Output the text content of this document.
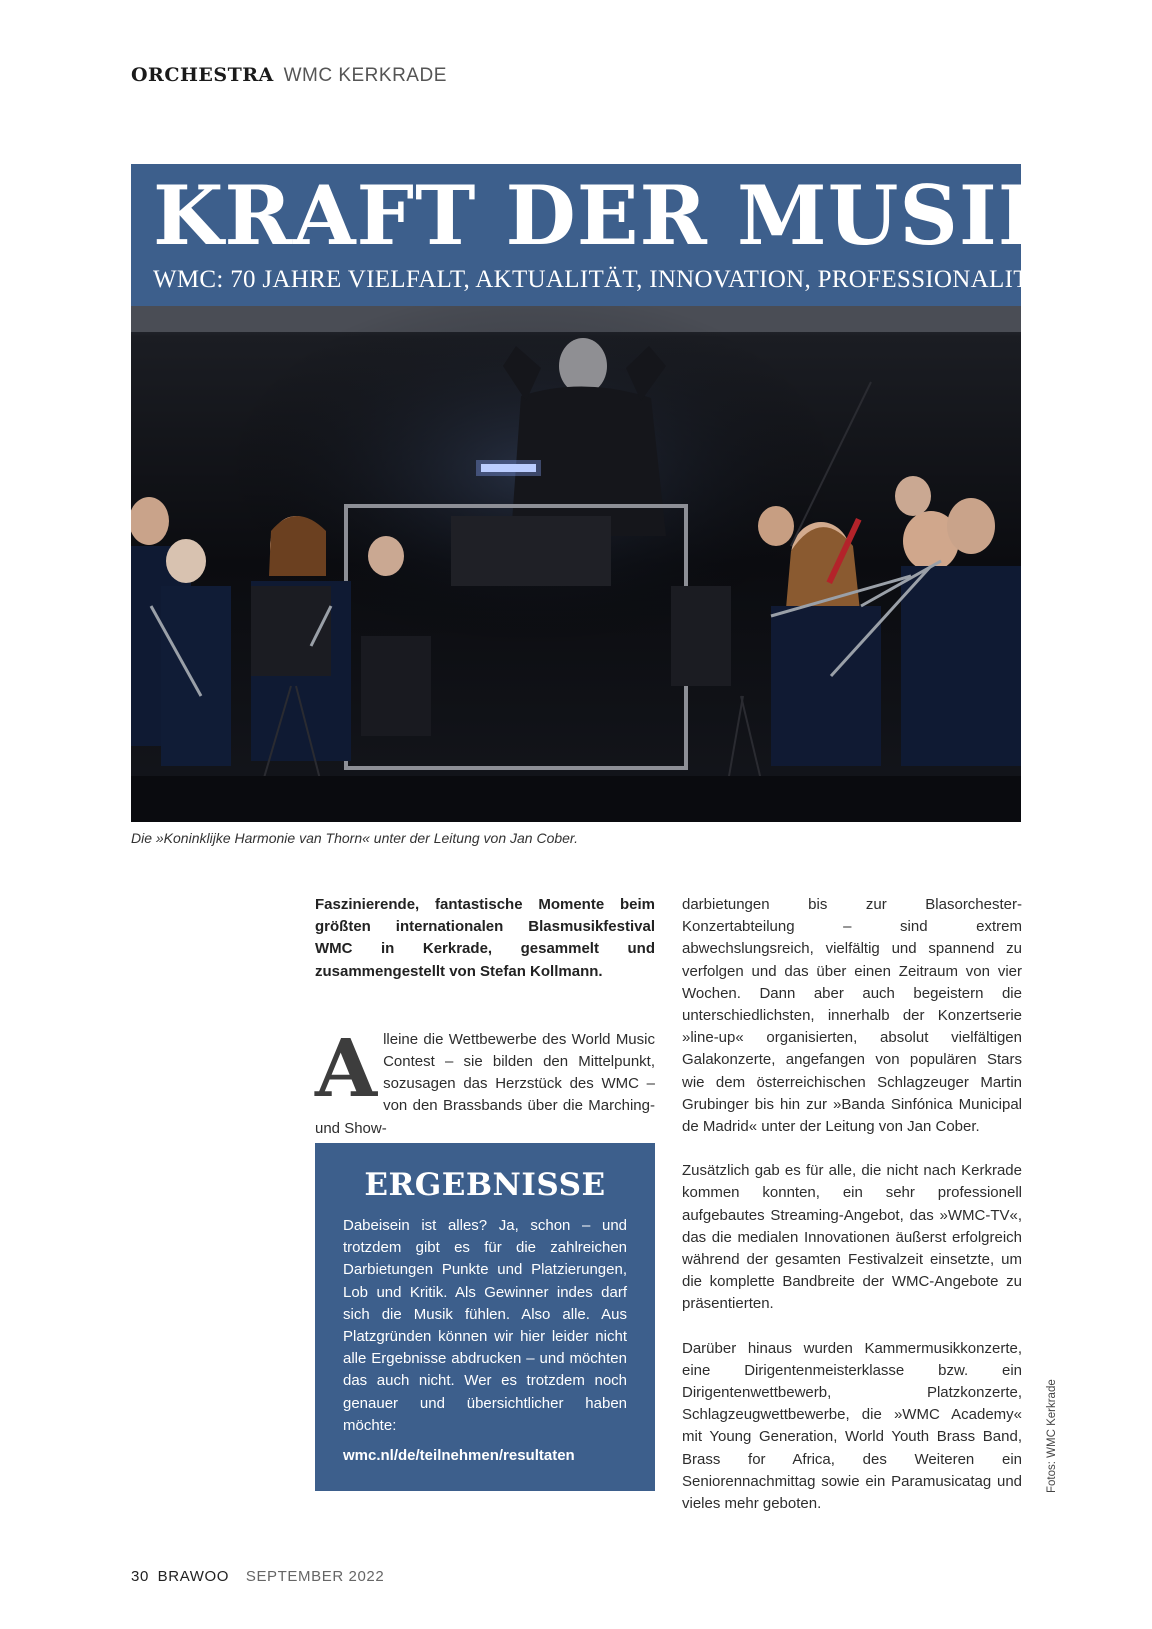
ORCHESTRA WMC KERKRADE
KRAFT DER MUSIK
WMC: 70 JAHRE VIELFALT, AKTUALITÄT, INNOVATION, PROFESSIONALITÄT
Die »Koninklijke Harmonie van Thorn« unter der Leitung von Jan Cober.

Faszinierende, fantastische Momente beim größten internationalen Blasmusikfestival WMC in Kerkrade, gesammelt und zusammengestellt von Stefan Kollmann.

A lleine die Wettbewerbe des World Music Contest – sie bilden den Mittelpunkt, sozusagen das Herzstück des WMC – von den Brassbands über die Marching- und Show-

ERGEBNISSE
Dabeisein ist alles? Ja, schon – und trotzdem gibt es für die zahlreichen Darbietungen Punkte und Platzierungen, Lob und Kritik. Als Gewinner indes darf sich die Musik fühlen. Also alle. Aus Platzgründen können wir hier leider nicht alle Ergebnisse abdrucken – und möchten das auch nicht. Wer es trotzdem noch genauer und übersichtlicher haben möchte:
wmc.nl/de/teilnehmen/resultaten

darbietungen bis zur Blasorchester-Konzertabteilung – sind extrem abwechslungsreich, vielfältig und spannend zu verfolgen und das über einen Zeitraum von vier Wochen. Dann aber auch begeistern die unterschiedlichsten, innerhalb der Konzertserie »line-up« organisierten, absolut vielfältigen Galakonzerte, angefangen von populären Stars wie dem österreichischen Schlagzeuger Martin Grubinger bis hin zur »Banda Sinfónica Municipal de Madrid« unter der Leitung von Jan Cober.

Zusätzlich gab es für alle, die nicht nach Kerkrade kommen konnten, ein sehr professionell aufgebautes Streaming-Angebot, das »WMC-TV«, das die medialen Innovationen äußerst erfolgreich während der gesamten Festivalzeit einsetzte, um die komplette Bandbreite der WMC-Angebote zu präsentierten.

Darüber hinaus wurden Kammermusikkonzerte, eine Dirigentenmeisterklasse bzw. ein Dirigentenwettbewerb, Platzkonzerte, Schlagzeugwettbewerbe, die »WMC Academy« mit Young Generation, World Youth Brass Band, Brass for Africa, des Weiteren ein Seniorennachmittag sowie ein Paramusicatag und vieles mehr geboten.

Fotos: WMC Kerkrade
30 BRAWOO SEPTEMBER 2022
